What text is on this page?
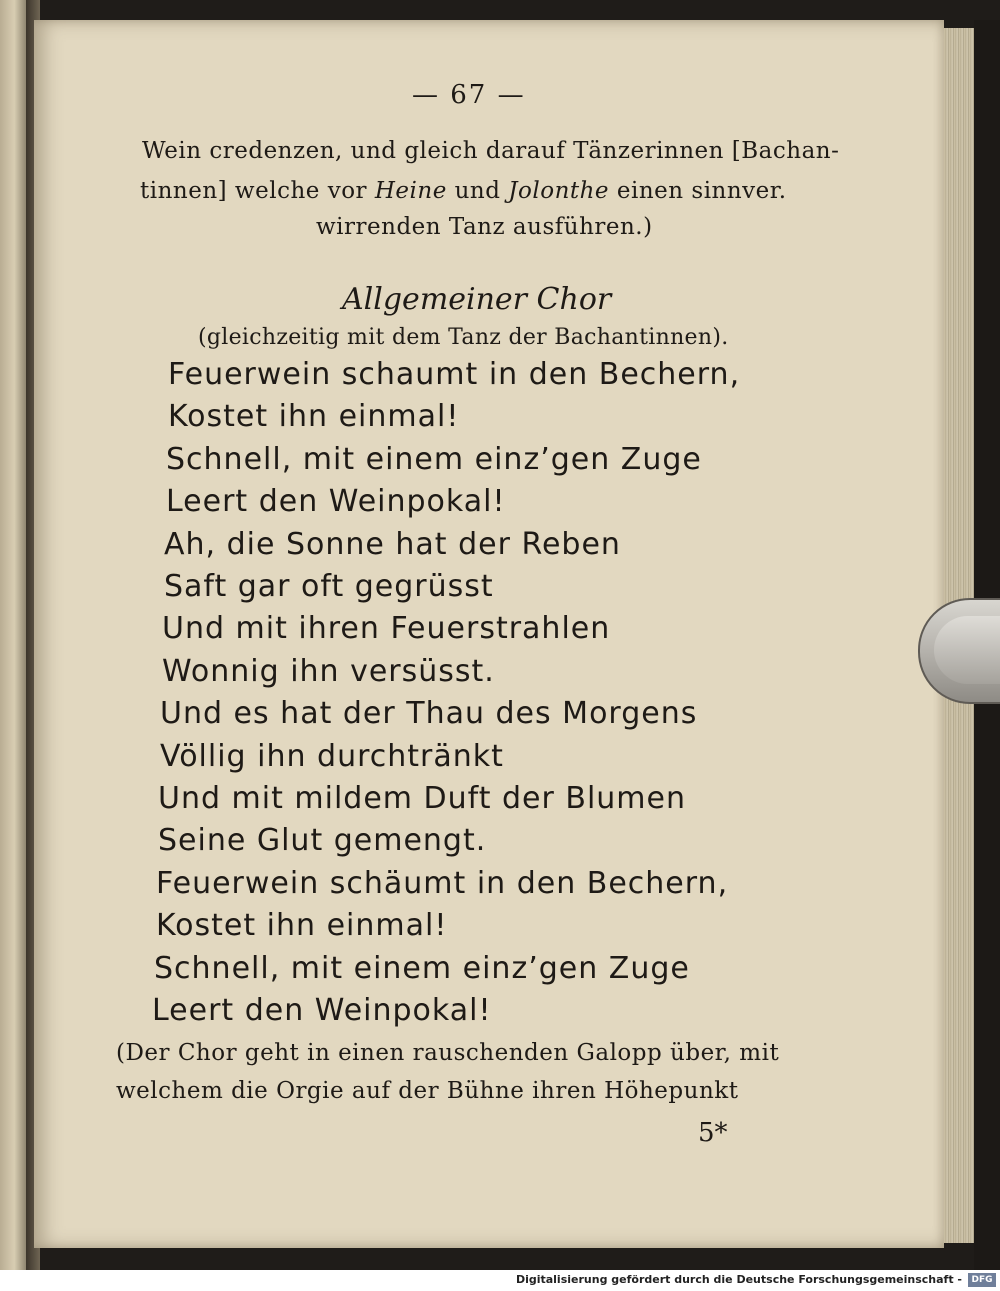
— 67 —
Wein credenzen, und gleich darauf Tänzerinnen [Bachan-
tinnen] welche vor Heine und Jolonthe einen sinnver.
wirrenden Tanz ausführen.)
Allgemeiner Chor
(gleichzeitig mit dem Tanz der Bachantinnen).
Feuerwein schaumt in den Bechern,
Kostet ihn einmal!
Schnell, mit einem einz’gen Zuge
Leert den Weinpokal!
Ah, die Sonne hat der Reben
Saft gar oft gegrüsst
Und mit ihren Feuerstrahlen
Wonnig ihn versüsst.
Und es hat der Thau des Morgens
Völlig ihn durchtränkt
Und mit mildem Duft der Blumen
Seine Glut gemengt.
Feuerwein schäumt in den Bechern,
Kostet ihn einmal!
Schnell, mit einem einz’gen Zuge
Leert den Weinpokal!
(Der Chor geht in einen rauschenden Galopp über, mit
welchem die Orgie auf der Bühne ihren Höhepunkt
5*
Digitalisierung gefördert durch die Deutsche Forschungsgemeinschaft -	DFG
